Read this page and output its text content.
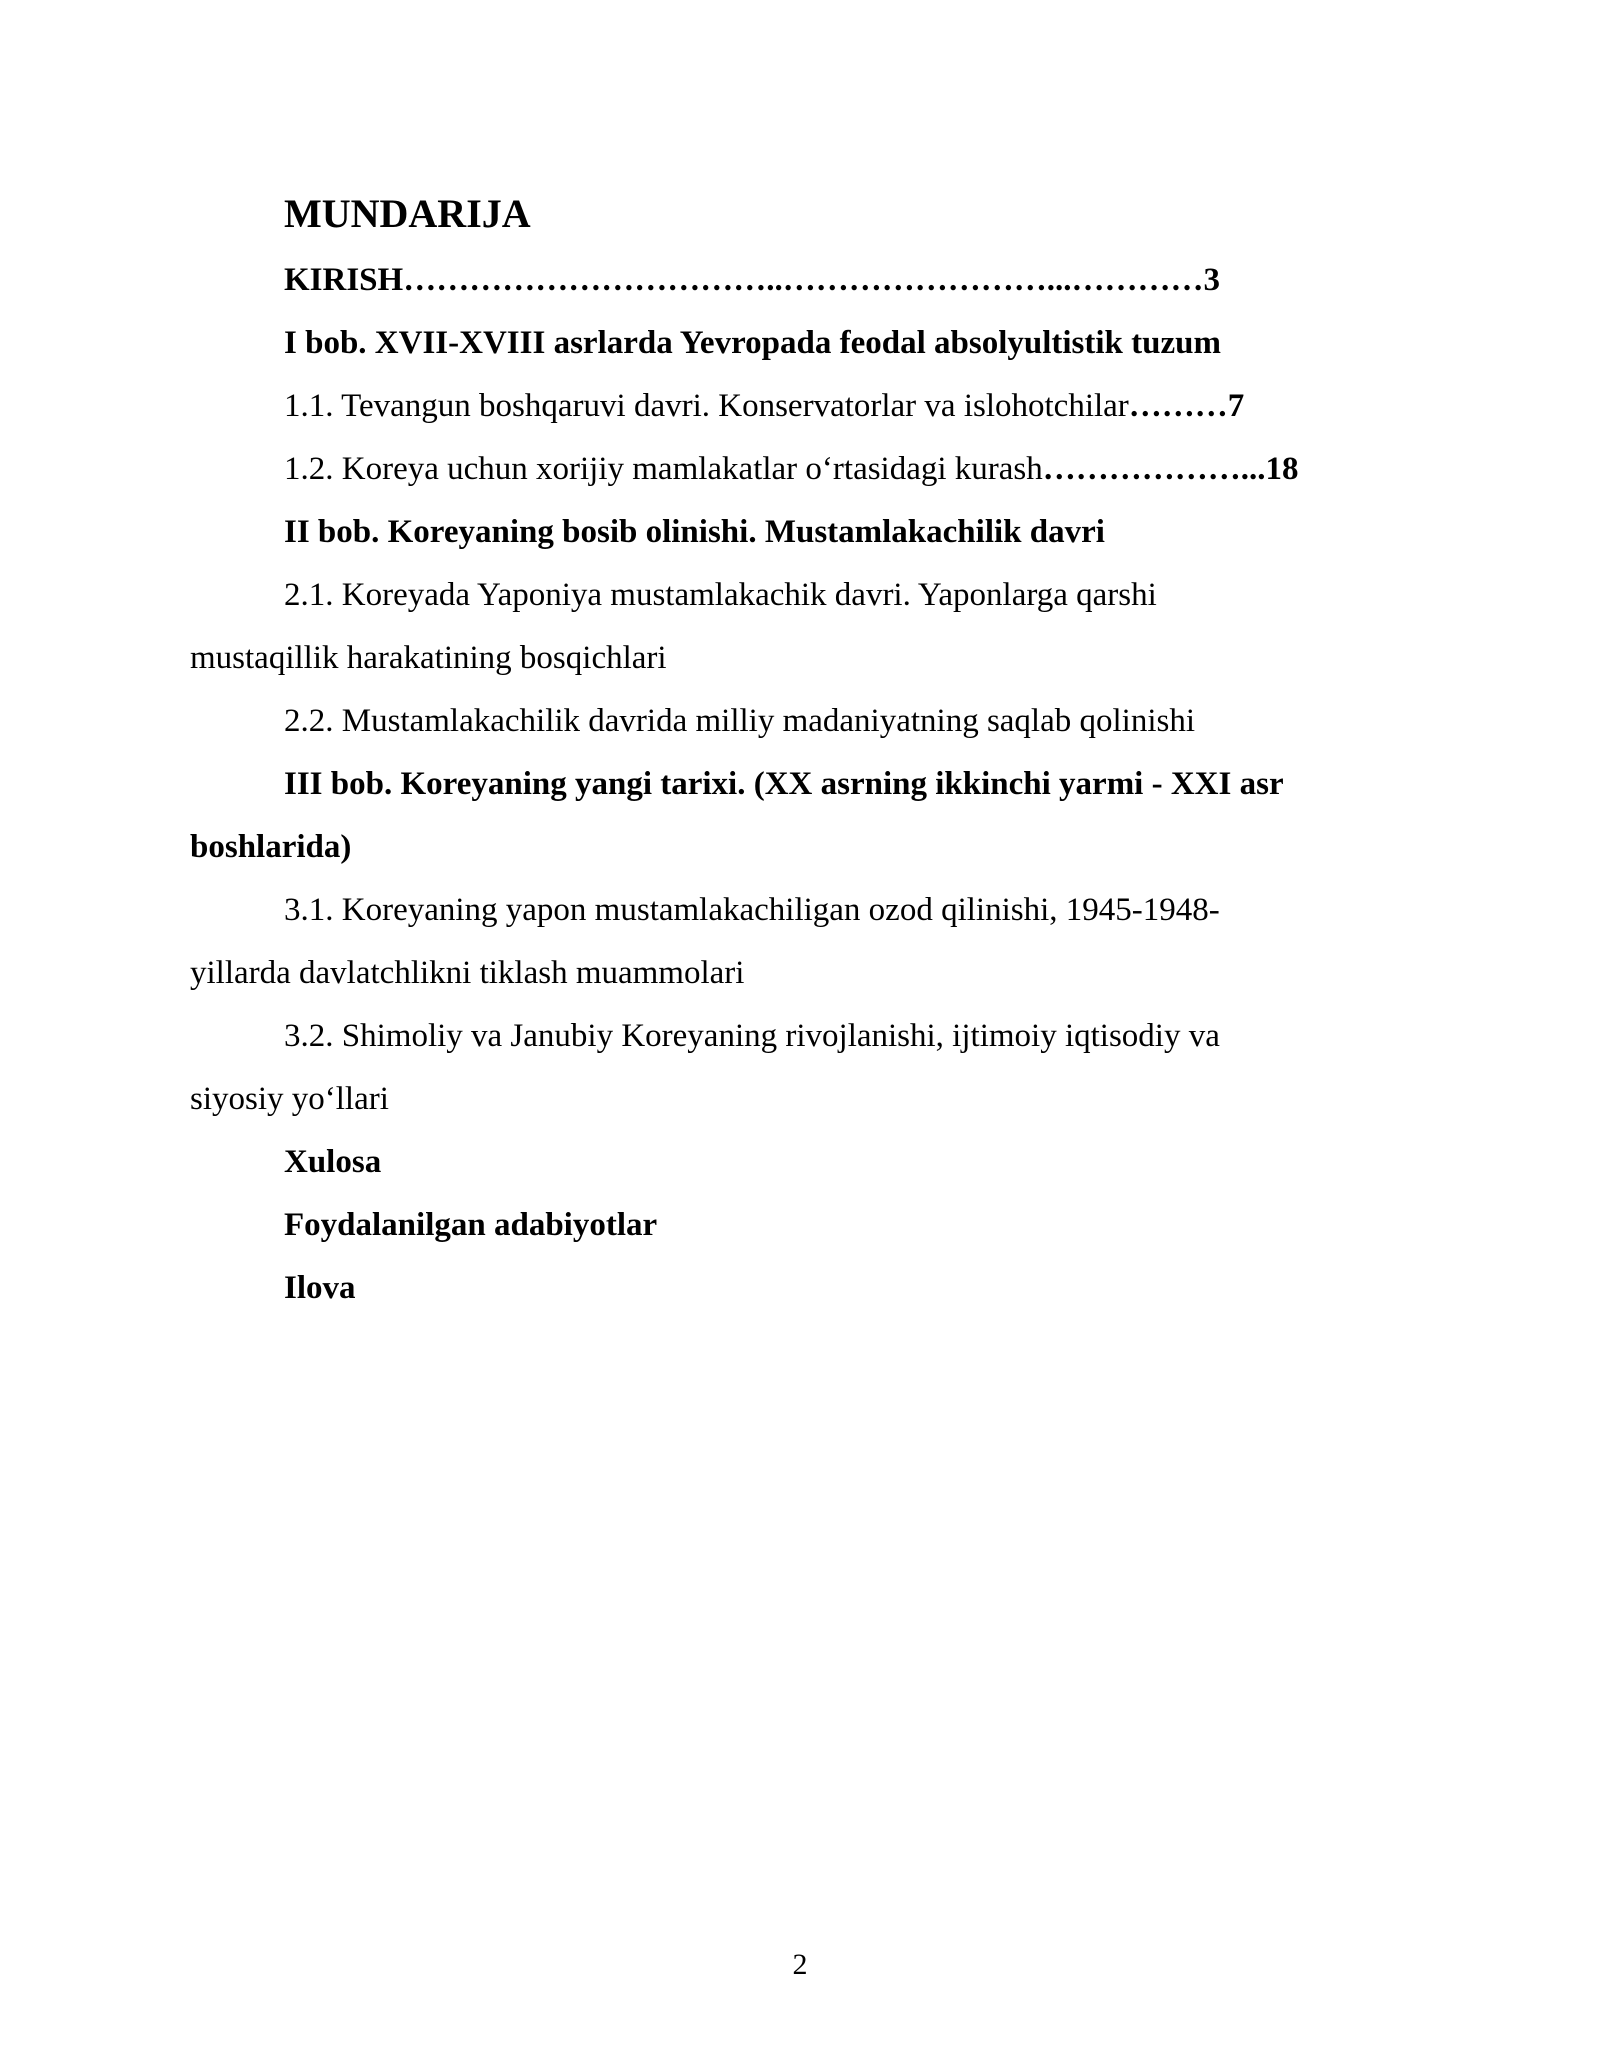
MUNDARIJA
KIRISH……………………………..……………………...…………3
I bob. XVII-XVIII asrlarda Yevropada feodal absolyultistik tuzum
1.1. Tevangun boshqaruvi davri. Konservatorlar va islohotchilar………7
1.2. Koreya uchun xorijiy mamlakatlar o‘rtasidagi kurash………………...18
II bob. Koreyaning bosib olinishi. Mustamlakachilik davri
2.1. Koreyada Yaponiya mustamlakachik davri. Yaponlarga qarshi
mustaqillik harakatining bosqichlari
2.2. Mustamlakachilik davrida milliy madaniyatning saqlab qolinishi
III bob. Koreyaning yangi tarixi. (XX asrning ikkinchi yarmi - XXI asr
boshlarida)
3.1. Koreyaning yapon mustamlakachiligan ozod qilinishi, 1945-1948-
yillarda davlatchlikni tiklash muammolari
3.2. Shimoliy va Janubiy Koreyaning rivojlanishi, ijtimoiy iqtisodiy va
siyosiy yo‘llari
Xulosa
Foydalanilgan adabiyotlar
Ilova
2
